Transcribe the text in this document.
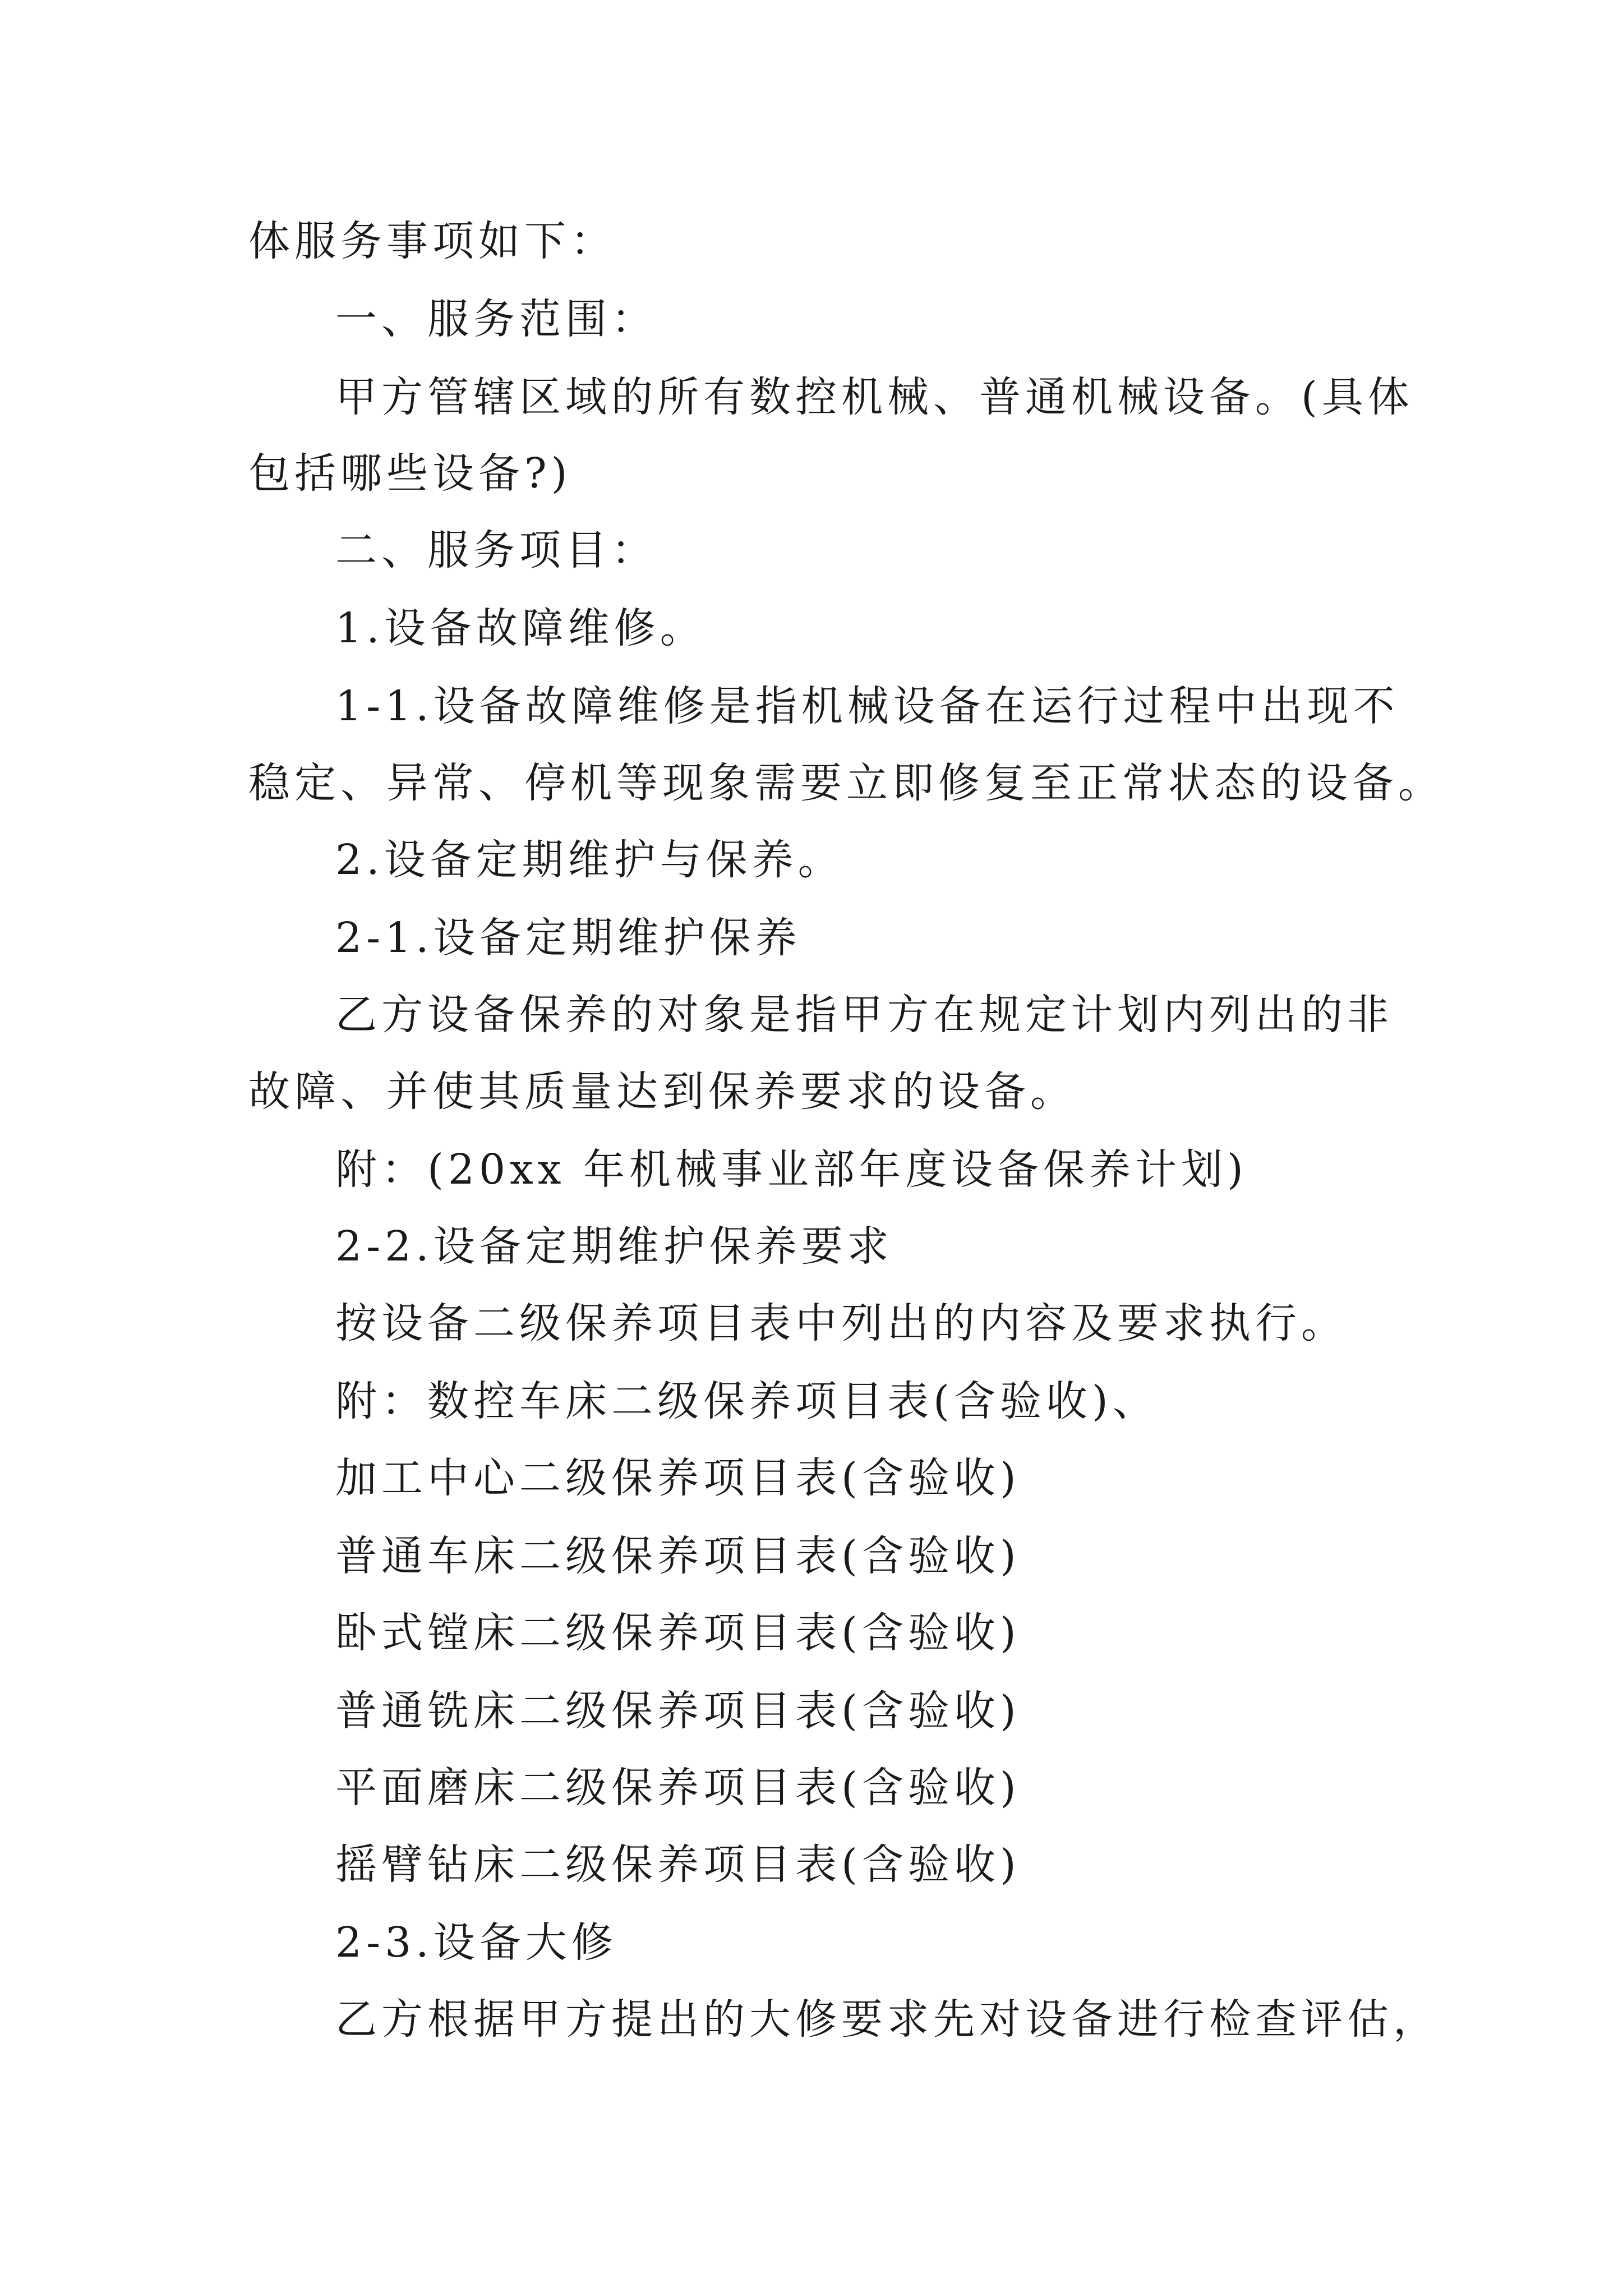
体服务事项如下：
一、服务范围：
甲方管辖区域的所有数控机械、普通机械设备。(具体
包括哪些设备?)
二、服务项目：
1.设备故障维修。
1-1.设备故障维修是指机械设备在运行过程中出现不
稳定、异常、停机等现象需要立即修复至正常状态的设备。
2.设备定期维护与保养。
2-1.设备定期维护保养
乙方设备保养的对象是指甲方在规定计划内列出的非
故障、并使其质量达到保养要求的设备。
附：(20xx 年机械事业部年度设备保养计划)
2-2.设备定期维护保养要求
按设备二级保养项目表中列出的内容及要求执行。
附：数控车床二级保养项目表(含验收)、
加工中心二级保养项目表(含验收)
普通车床二级保养项目表(含验收)
卧式镗床二级保养项目表(含验收)
普通铣床二级保养项目表(含验收)
平面磨床二级保养项目表(含验收)
摇臂钻床二级保养项目表(含验收)
2-3.设备大修
乙方根据甲方提出的大修要求先对设备进行检查评估，
